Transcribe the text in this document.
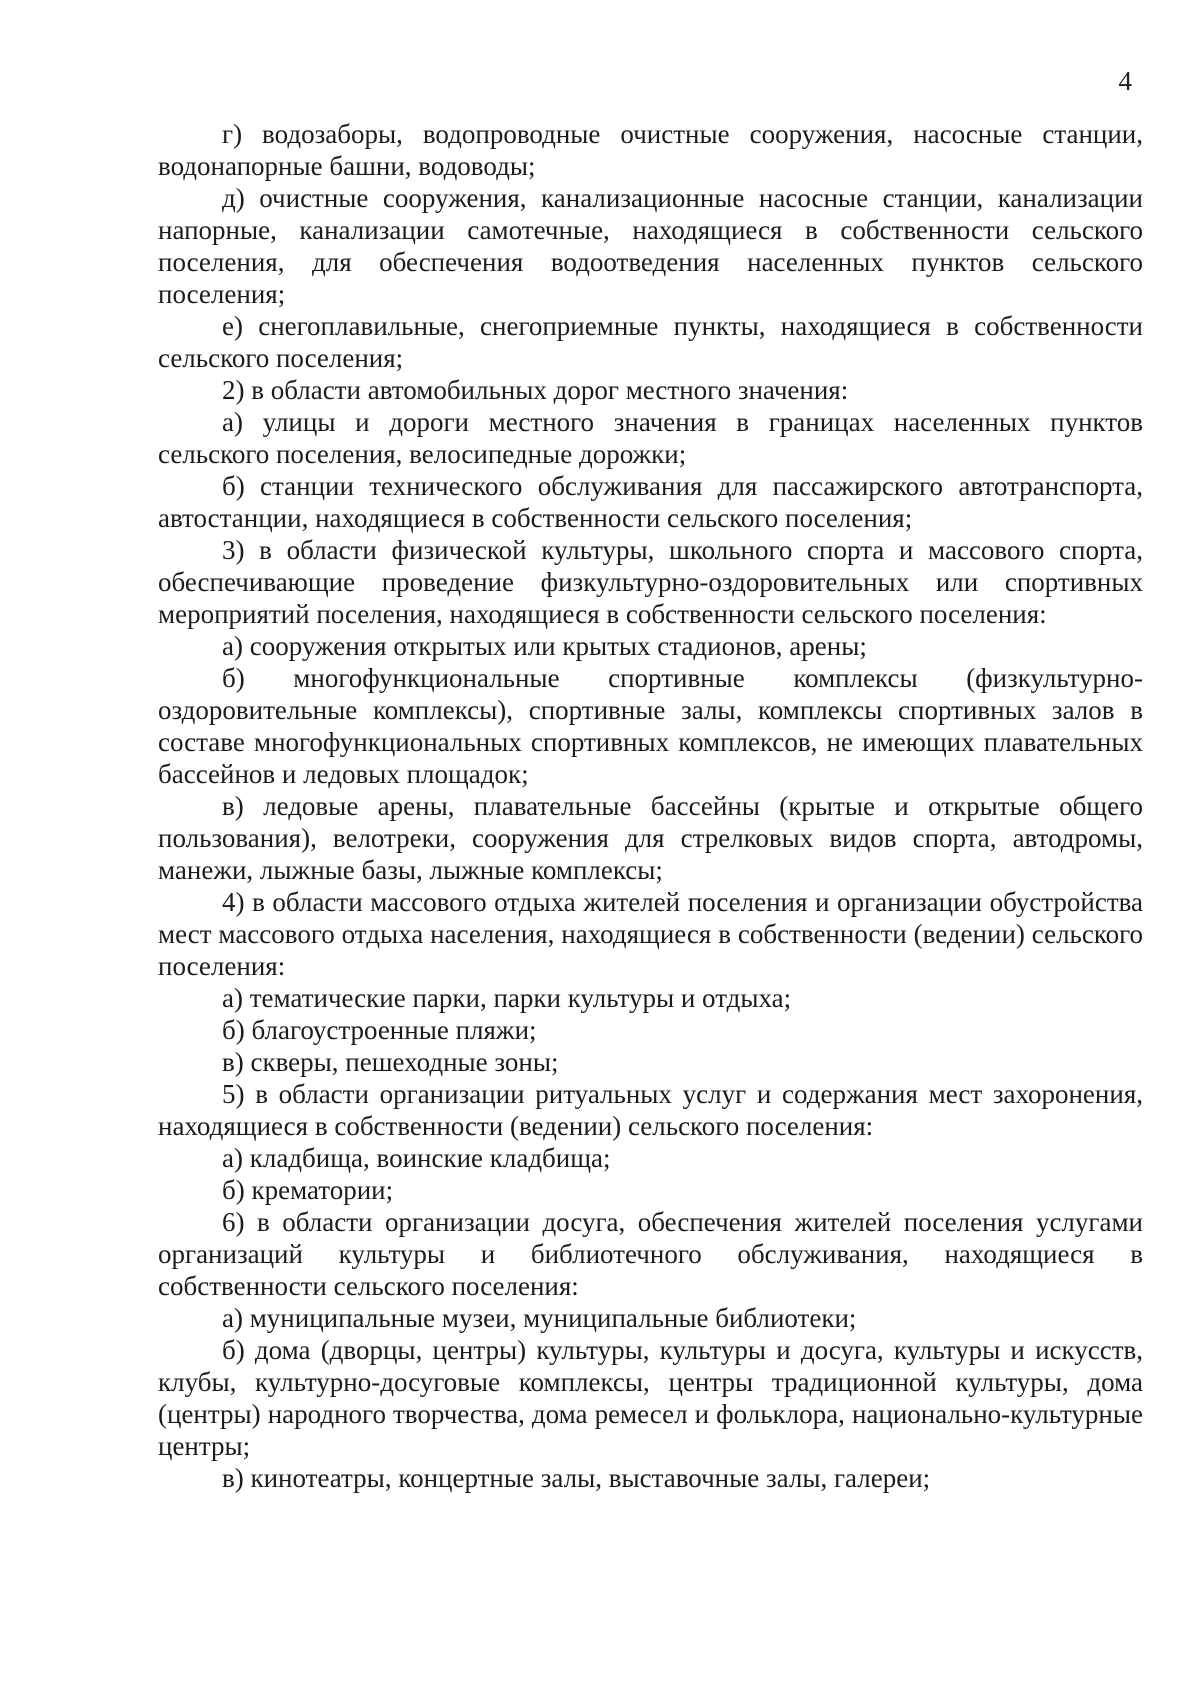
4

г) водозаборы, водопроводные очистные сооружения, насосные станции, водонапорные башни, водоводы;

д) очистные сооружения, канализационные насосные станции, канализации напорные, канализации самотечные, находящиеся в собственности сельского поселения, для обеспечения водоотведения населенных пунктов сельского поселения;

е) снегоплавильные, снегоприемные пункты, находящиеся в собственности сельского поселения;

2) в области автомобильных дорог местного значения:

а) улицы и дороги местного значения в границах населенных пунктов сельского поселения, велосипедные дорожки;

б) станции технического обслуживания для пассажирского автотранспорта, автостанции, находящиеся в собственности сельского поселения;

3) в области физической культуры, школьного спорта и массового спорта, обеспечивающие проведение физкультурно-оздоровительных или спортивных мероприятий поселения, находящиеся в собственности сельского поселения:

а) сооружения открытых или крытых стадионов, арены;

б) многофункциональные спортивные комплексы (физкультурно-оздоровительные комплексы), спортивные залы, комплексы спортивных залов в составе многофункциональных спортивных комплексов, не имеющих плавательных бассейнов и ледовых площадок;

в) ледовые арены, плавательные бассейны (крытые и открытые общего пользования), велотреки, сооружения для стрелковых видов спорта, автодромы, манежи, лыжные базы, лыжные комплексы;

4) в области массового отдыха жителей поселения и организации обустройства мест массового отдыха населения, находящиеся в собственности (ведении) сельского поселения:

а) тематические парки, парки культуры и отдыха;

б) благоустроенные пляжи;

в) скверы, пешеходные зоны;

5) в области организации ритуальных услуг и содержания мест захоронения, находящиеся в собственности (ведении) сельского поселения:

а) кладбища, воинские кладбища;

б) крематории;

6) в области организации досуга, обеспечения жителей поселения услугами организаций культуры и библиотечного обслуживания, находящиеся в собственности сельского поселения:

а) муниципальные музеи, муниципальные библиотеки;

б) дома (дворцы, центры) культуры, культуры и досуга, культуры и искусств, клубы, культурно-досуговые комплексы, центры традиционной культуры, дома (центры) народного творчества, дома ремесел и фольклора, национально-культурные центры;

в) кинотеатры, концертные залы, выставочные залы, галереи;
